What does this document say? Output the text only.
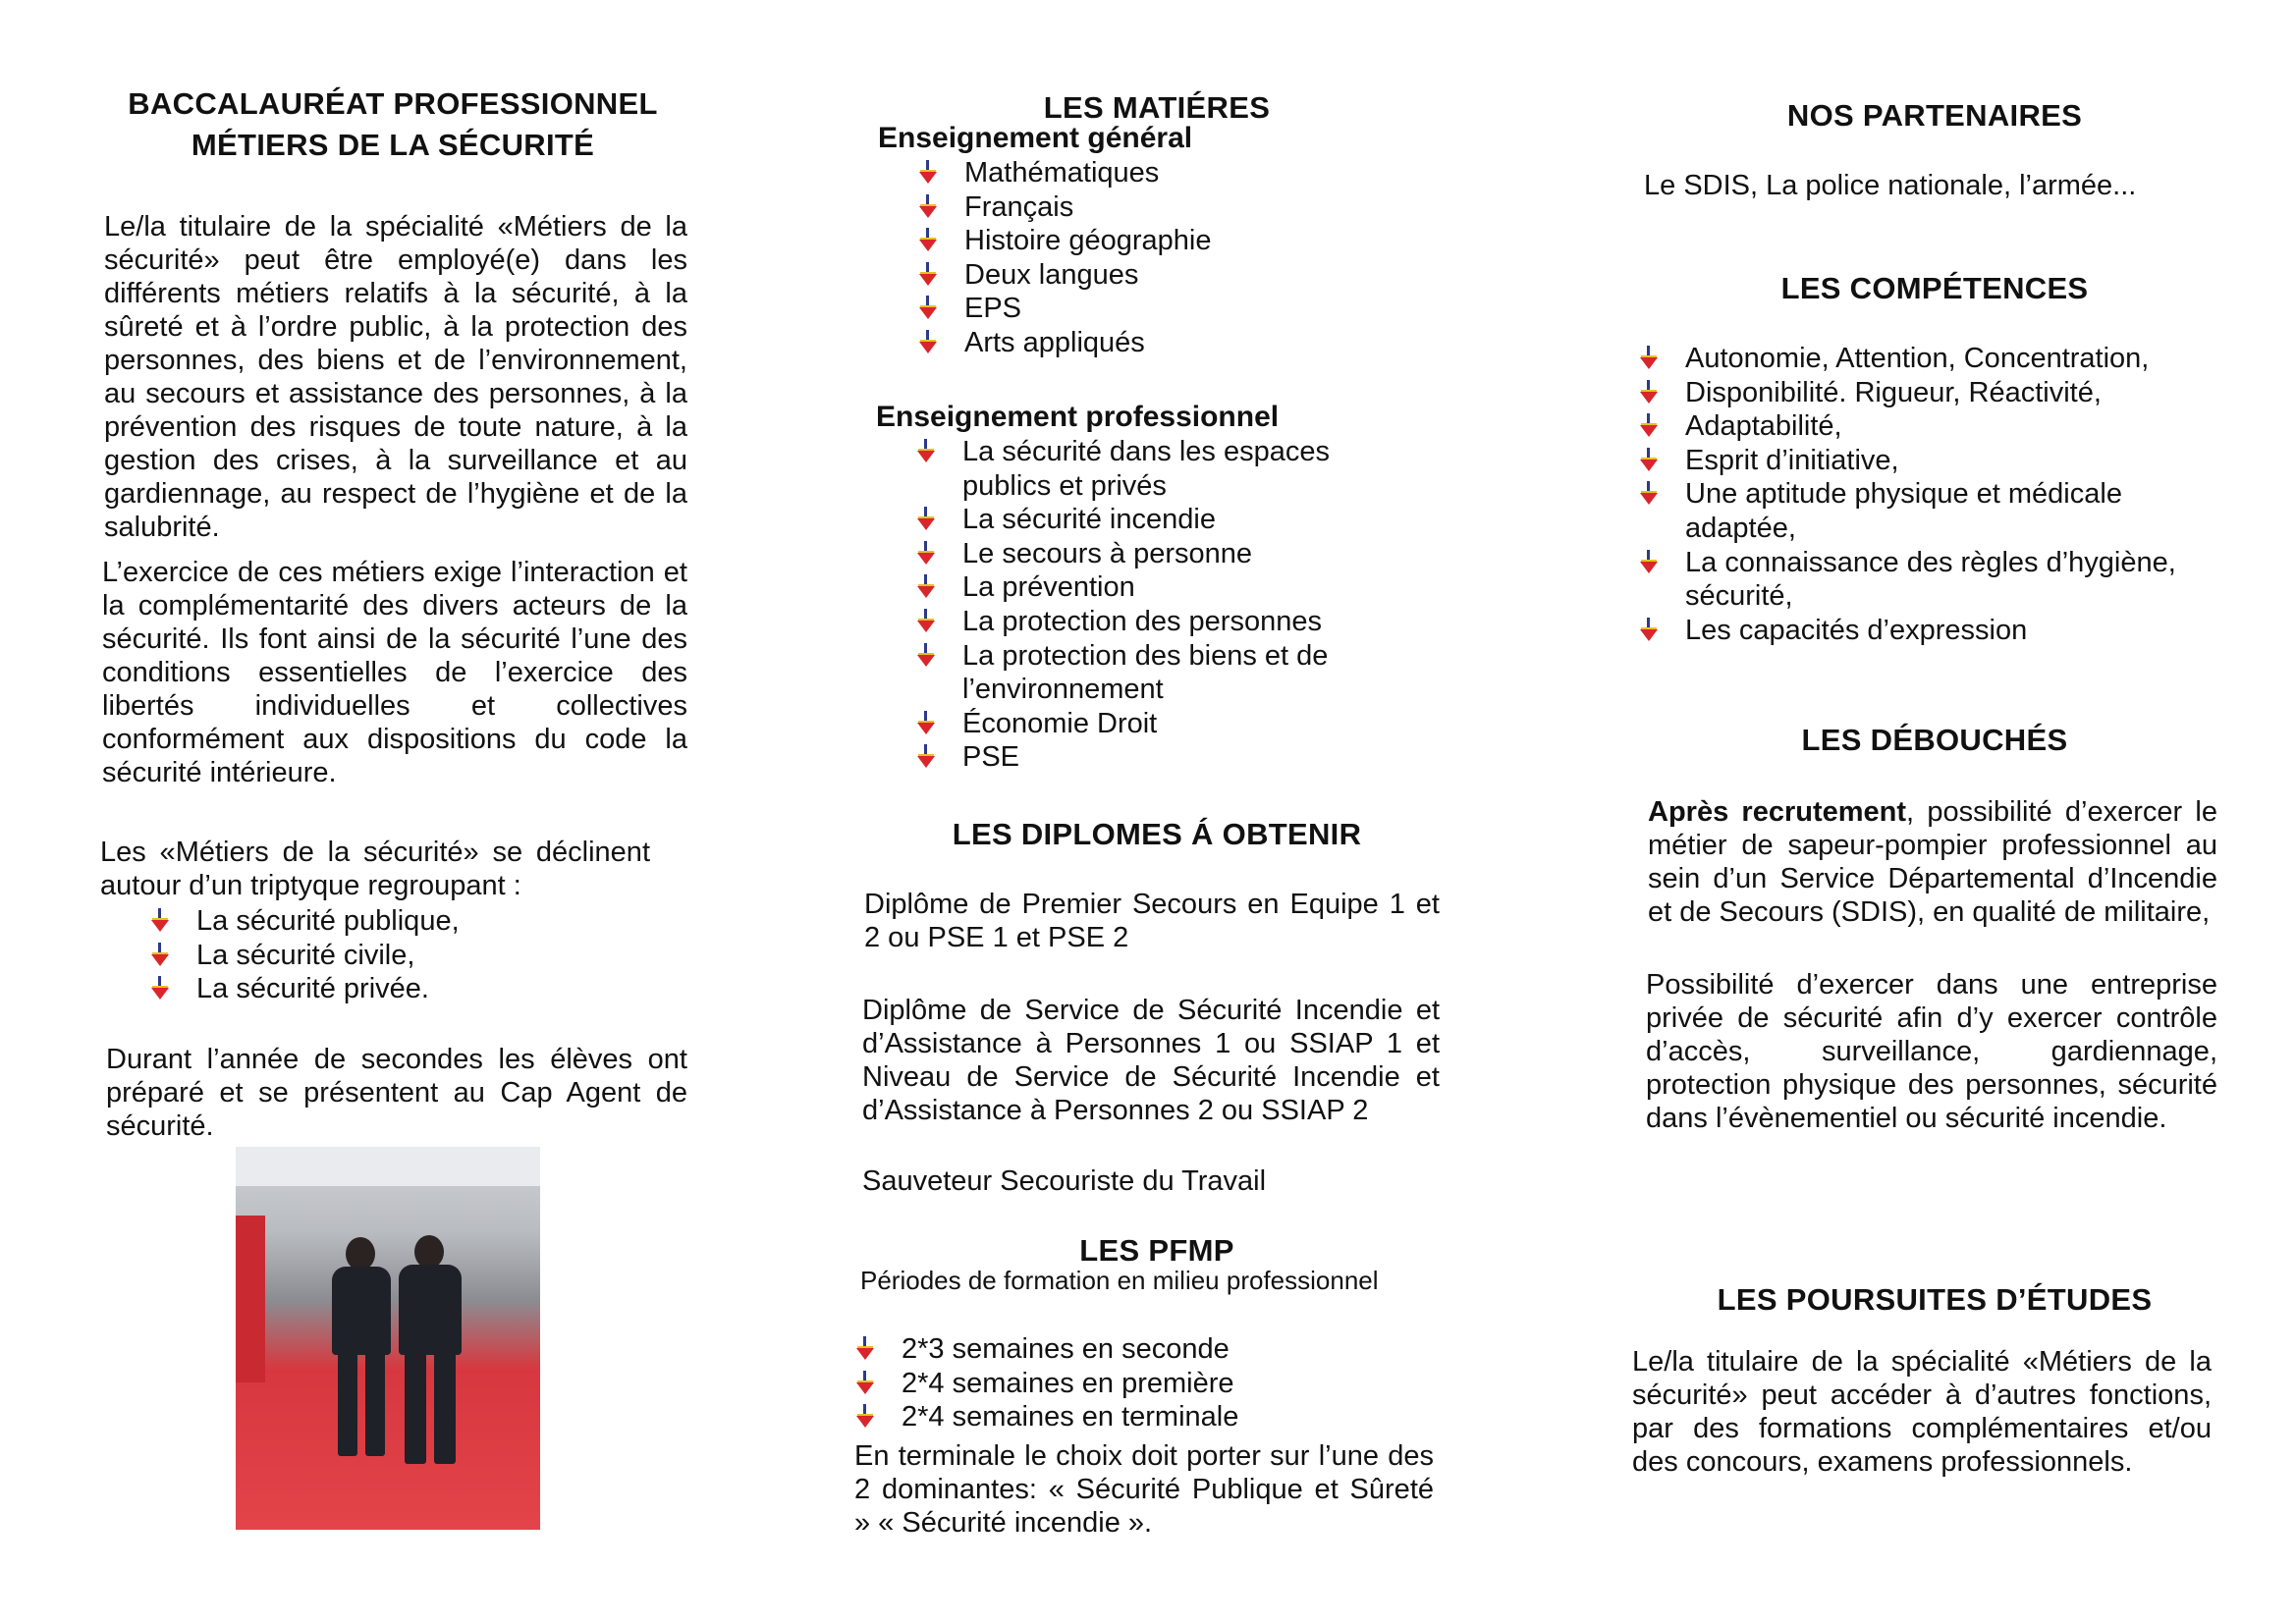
BACCALAURÉAT PROFESSIONNEL
MÉTIERS DE LA SÉCURITÉ
Le/la titulaire de la spécialité «Métiers de la sécurité» peut être employé(e) dans les différents métiers relatifs à la sécurité, à la sûreté et à l’ordre public, à la protection des personnes, des biens et de l’environnement, au secours et assistance des personnes, à la prévention des risques de toute nature, à la gestion des crises, à la surveillance et au gardiennage, au respect de l’hygiène et de la salubrité.
L’exercice de ces métiers exige l’interaction et la complémentarité des divers acteurs de la sécurité. Ils font ainsi de la sécurité l’une des conditions essentielles de l’exercice des libertés individuelles et collectives conformément aux dispositions du code la sécurité intérieure.
Les «Métiers de la sécurité» se déclinent autour d’un triptyque regroupant :
La sécurité publique,
La sécurité civile,
La sécurité privée.
Durant l’année de secondes les élèves ont préparé et se présentent au Cap Agent de sécurité.
LES MATIÉRES
Enseignement général
Mathématiques
Français
Histoire géographie
Deux langues
EPS
Arts appliqués
Enseignement professionnel
La sécurité dans les espaces publics et privés
La sécurité incendie
Le secours à personne
La prévention
La protection des personnes
La protection des biens et de l’environnement
Économie Droit
PSE
LES DIPLOMES Á OBTENIR
Diplôme de Premier Secours en Equipe 1 et 2 ou PSE 1 et PSE 2
Diplôme de Service de Sécurité Incendie et d’Assistance à Personnes 1 ou SSIAP 1 et Niveau de Service de Sécurité Incendie et d’Assistance à Personnes 2 ou SSIAP 2
Sauveteur Secouriste du Travail
LES PFMP
Périodes de formation en milieu professionnel
2*3 semaines en seconde
2*4 semaines en première
2*4 semaines en terminale
En terminale le choix doit porter sur l’une des 2 dominantes: « Sécurité Publique et Sûreté » « Sécurité incendie ».
NOS PARTENAIRES
Le SDIS, La police nationale, l’armée...
LES COMPÉTENCES
Autonomie, Attention, Concentration,
Disponibilité. Rigueur, Réactivité,
Adaptabilité,
Esprit d’initiative,
Une aptitude physique et médicale adaptée,
La connaissance des règles d’hygiène, sécurité,
Les capacités d’expression
LES DÉBOUCHÉS
Après recrutement, possibilité d’exercer le métier de sapeur-pompier professionnel au sein d’un Service Départemental d’Incendie et de Secours (SDIS), en qualité de militaire,
Possibilité d’exercer dans une entreprise privée de sécurité afin d’y exercer contrôle d’accès, surveillance, gardiennage, protection physique des personnes, sécurité dans l’évènementiel ou sécurité incendie.
LES POURSUITES D’ÉTUDES
Le/la titulaire de la spécialité «Métiers de la sécurité» peut accéder à d’autres fonctions, par des formations complémentaires et/ou des concours, examens professionnels.
